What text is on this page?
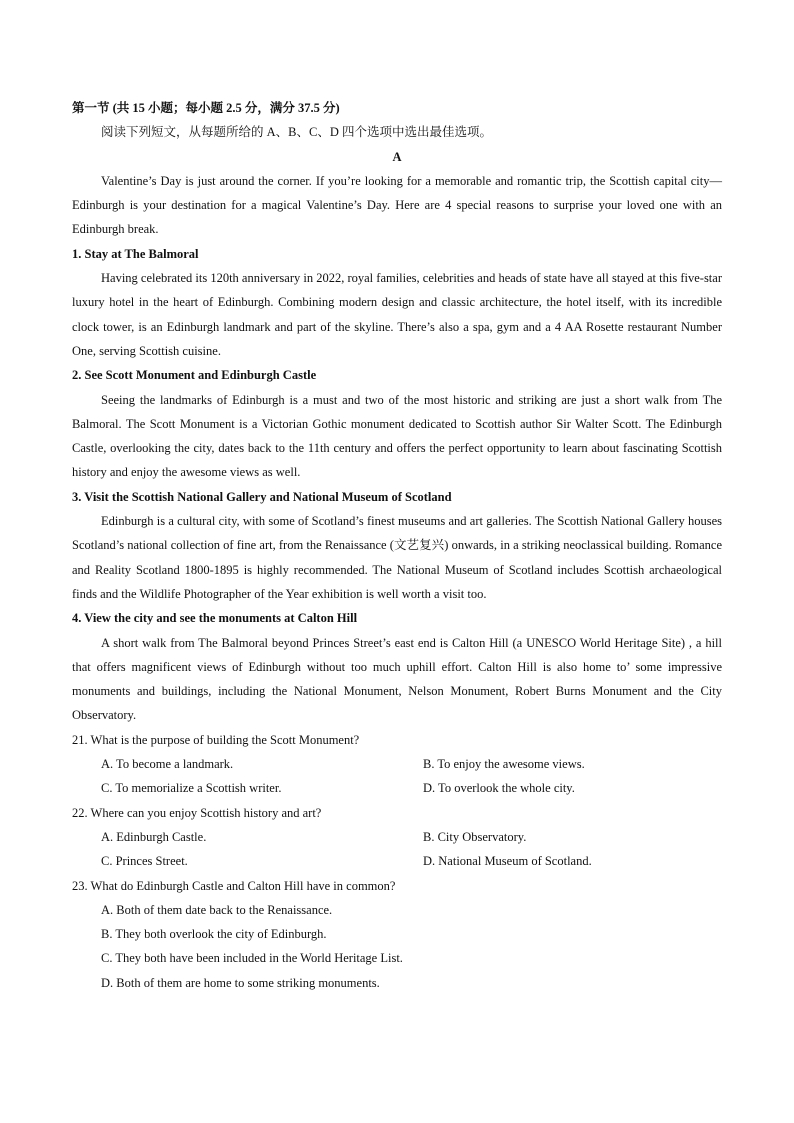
第一节 (共 15 小题；每小题 2.5 分，满分 37.5 分)
阅读下列短文，从每题所给的 A、B、C、D 四个选项中选出最佳选项。
A
Valentine’s Day is just around the corner. If you’re looking for a memorable and romantic trip, the Scottish capital city—Edinburgh is your destination for a magical Valentine’s Day. Here are 4 special reasons to surprise your loved one with an Edinburgh break.
1. Stay at The Balmoral
Having celebrated its 120th anniversary in 2022, royal families, celebrities and heads of state have all stayed at this five-star luxury hotel in the heart of Edinburgh. Combining modern design and classic architecture, the hotel itself, with its incredible clock tower, is an Edinburgh landmark and part of the skyline. There’s also a spa, gym and a 4 AA Rosette restaurant Number One, serving Scottish cuisine.
2. See Scott Monument and Edinburgh Castle
Seeing the landmarks of Edinburgh is a must and two of the most historic and striking are just a short walk from The Balmoral. The Scott Monument is a Victorian Gothic monument dedicated to Scottish author Sir Walter Scott. The Edinburgh Castle, overlooking the city, dates back to the 11th century and offers the perfect opportunity to learn about fascinating Scottish history and enjoy the awesome views as well.
3. Visit the Scottish National Gallery and National Museum of Scotland
Edinburgh is a cultural city, with some of Scotland’s finest museums and art galleries. The Scottish National Gallery houses Scotland’s national collection of fine art, from the Renaissance (文艺复兴) onwards, in a striking neoclassical building. Romance and Reality Scotland 1800-1895 is highly recommended. The National Museum of Scotland includes Scottish archaeological finds and the Wildlife Photographer of the Year exhibition is well worth a visit too.
4. View the city and see the monuments at Calton Hill
A short walk from The Balmoral beyond Princes Street’s east end is Calton Hill (a UNESCO World Heritage Site) , a hill that offers magnificent views of Edinburgh without too much uphill effort. Calton Hill is also home to’ some impressive monuments and buildings, including the National Monument, Nelson Monument, Robert Burns Monument and the City Observatory.
21. What is the purpose of building the Scott Monument?
A. To become a landmark.	B. To enjoy the awesome views.
C. To memorialize a Scottish writer.	D. To overlook the whole city.
22. Where can you enjoy Scottish history and art?
A. Edinburgh Castle.	B. City Observatory.
C. Princes Street.	D. National Museum of Scotland.
23. What do Edinburgh Castle and Calton Hill have in common?
A. Both of them date back to the Renaissance.
B. They both overlook the city of Edinburgh.
C. They both have been included in the World Heritage List.
D. Both of them are home to some striking monuments.
